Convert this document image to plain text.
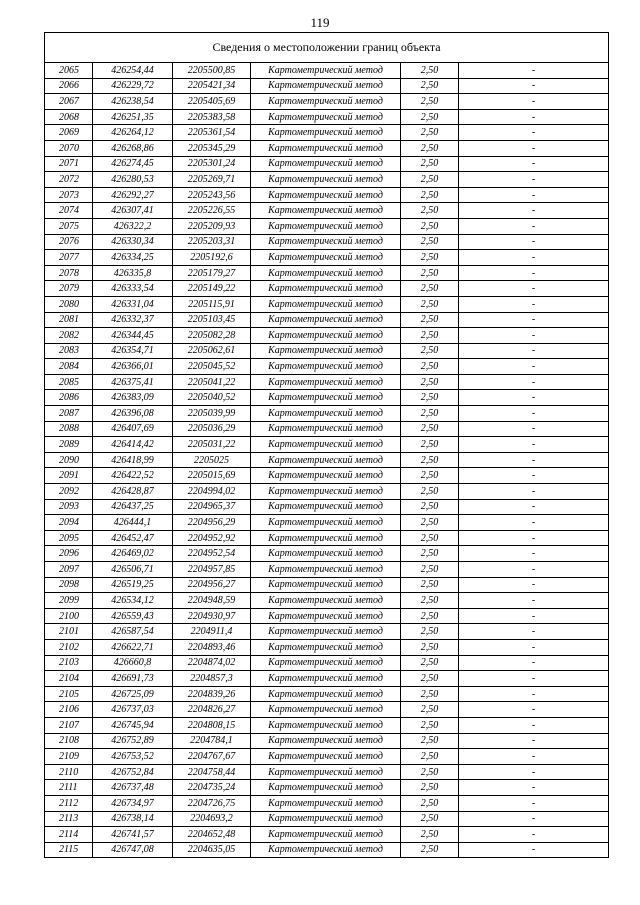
119
Сведения о местоположении границ объекта					
2065	426254,44	2205500,85	Картометрический метод	2,50	-
2066	426229,72	2205421,34	Картометрический метод	2,50	-
2067	426238,54	2205405,69	Картометрический метод	2,50	-
2068	426251,35	2205383,58	Картометрический метод	2,50	-
2069	426264,12	2205361,54	Картометрический метод	2,50	-
2070	426268,86	2205345,29	Картометрический метод	2,50	-
2071	426274,45	2205301,24	Картометрический метод	2,50	-
2072	426280,53	2205269,71	Картометрический метод	2,50	-
2073	426292,27	2205243,56	Картометрический метод	2,50	-
2074	426307,41	2205226,55	Картометрический метод	2,50	-
2075	426322,2	2205209,93	Картометрический метод	2,50	-
2076	426330,34	2205203,31	Картометрический метод	2,50	-
2077	426334,25	2205192,6	Картометрический метод	2,50	-
2078	426335,8	2205179,27	Картометрический метод	2,50	-
2079	426333,54	2205149,22	Картометрический метод	2,50	-
2080	426331,04	2205115,91	Картометрический метод	2,50	-
2081	426332,37	2205103,45	Картометрический метод	2,50	-
2082	426344,45	2205082,28	Картометрический метод	2,50	-
2083	426354,71	2205062,61	Картометрический метод	2,50	-
2084	426366,01	2205045,52	Картометрический метод	2,50	-
2085	426375,41	2205041,22	Картометрический метод	2,50	-
2086	426383,09	2205040,52	Картометрический метод	2,50	-
2087	426396,08	2205039,99	Картометрический метод	2,50	-
2088	426407,69	2205036,29	Картометрический метод	2,50	-
2089	426414,42	2205031,22	Картометрический метод	2,50	-
2090	426418,99	2205025	Картометрический метод	2,50	-
2091	426422,52	2205015,69	Картометрический метод	2,50	-
2092	426428,87	2204994,02	Картометрический метод	2,50	-
2093	426437,25	2204965,37	Картометрический метод	2,50	-
2094	426444,1	2204956,29	Картометрический метод	2,50	-
2095	426452,47	2204952,92	Картометрический метод	2,50	-
2096	426469,02	2204952,54	Картометрический метод	2,50	-
2097	426506,71	2204957,85	Картометрический метод	2,50	-
2098	426519,25	2204956,27	Картометрический метод	2,50	-
2099	426534,12	2204948,59	Картометрический метод	2,50	-
2100	426559,43	2204930,97	Картометрический метод	2,50	-
2101	426587,54	2204911,4	Картометрический метод	2,50	-
2102	426622,71	2204893,46	Картометрический метод	2,50	-
2103	426660,8	2204874,02	Картометрический метод	2,50	-
2104	426691,73	2204857,3	Картометрический метод	2,50	-
2105	426725,09	2204839,26	Картометрический метод	2,50	-
2106	426737,03	2204826,27	Картометрический метод	2,50	-
2107	426745,94	2204808,15	Картометрический метод	2,50	-
2108	426752,89	2204784,1	Картометрический метод	2,50	-
2109	426753,52	2204767,67	Картометрический метод	2,50	-
2110	426752,84	2204758,44	Картометрический метод	2,50	-
2111	426737,48	2204735,24	Картометрический метод	2,50	-
2112	426734,97	2204726,75	Картометрический метод	2,50	-
2113	426738,14	2204693,2	Картометрический метод	2,50	-
2114	426741,57	2204652,48	Картометрический метод	2,50	-
2115	426747,08	2204635,05	Картометрический метод	2,50	-
